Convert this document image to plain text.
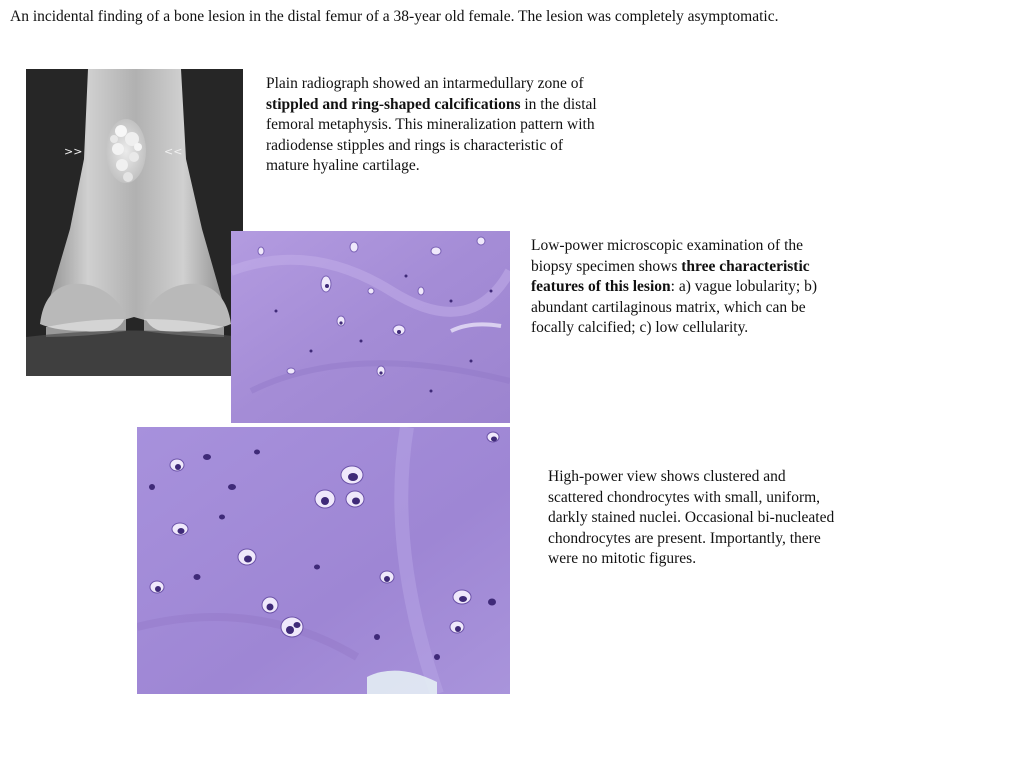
An incidental finding of a bone lesion in the distal femur of a 38-year old female. The lesion was completely asymptomatic.
>>	<<

Plain radiograph showed an intarmedullary zone of stippled and ring-shaped calcifications in the distal femoral metaphysis. This mineralization pattern with radiodense stipples and rings is characteristic of mature hyaline cartilage.

Low-power microscopic examination of the biopsy specimen shows three characteristic features of this lesion: a) vague lobularity; b) abundant cartilaginous matrix, which can be focally calcified; c) low cellularity.

High-power view shows clustered and scattered chondrocytes with small, uniform, darkly stained nuclei. Occasional bi-nucleated chondrocytes are present. Importantly, there were no mitotic figures.
